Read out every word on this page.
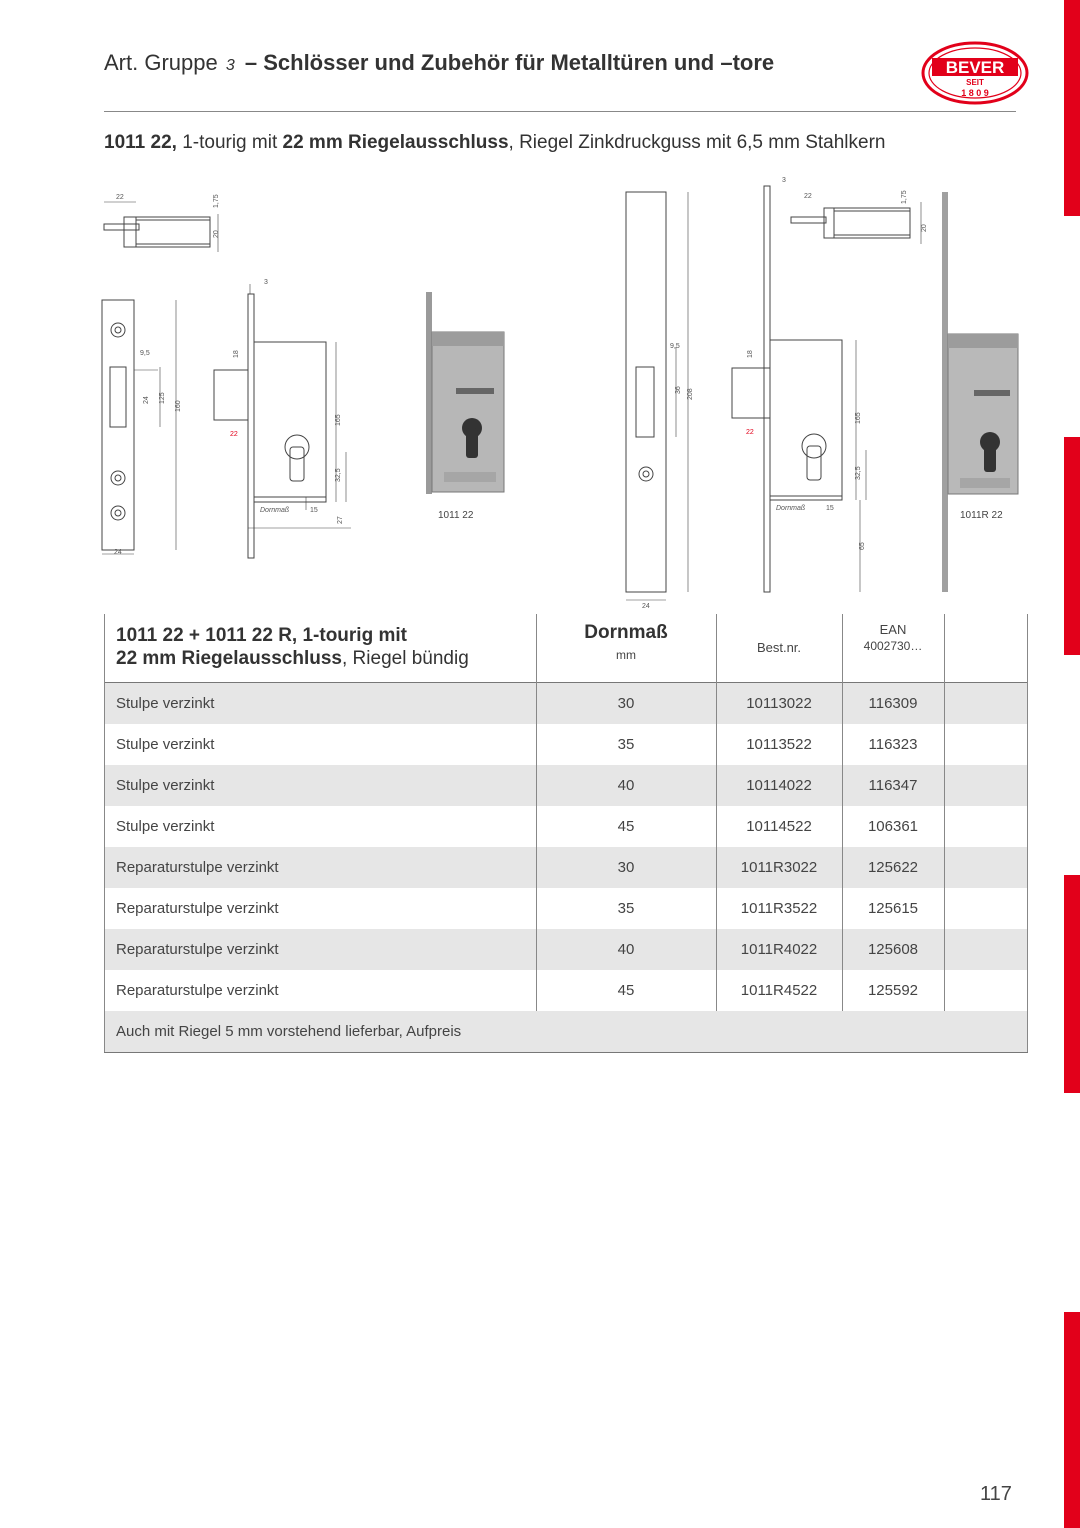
Art. Gruppe 3 – Schlösser und Zubehör für Metalltüren und –tore	BEVER
SEIT
1 8 0 9
1011 22, 1-tourig mit 22 mm Riegelausschluss, Riegel Zinkdruckguss mit 6,5 mm Stahlkern
22
20
1,75
3
18
22
9,5
24 125
160
165
32,5
Dornmaß	15
27
24
22
20
1,75
3
18
22
9,5
36 208
165
32,5
Dornmaß	15
65
24
1011 22	1011R 22
1011 22 + 1011 22 R, 1-tourig mit
22 mm Riegelausschluss, Riegel bündig
Dornmaß
mm	Best.nr.
EAN
4002730…
Stulpe verzinkt	30	10113022	116309
Stulpe verzinkt	35	10113522	116323
Stulpe verzinkt	40	10114022	116347
Stulpe verzinkt	45	10114522	106361
Reparaturstulpe verzinkt	30	1011R3022	125622
Reparaturstulpe verzinkt	35	1011R3522	125615
Reparaturstulpe verzinkt	40	1011R4022	125608
Reparaturstulpe verzinkt	45	1011R4522	125592
Auch mit Riegel 5 mm vorstehend lieferbar, Aufpreis
117
